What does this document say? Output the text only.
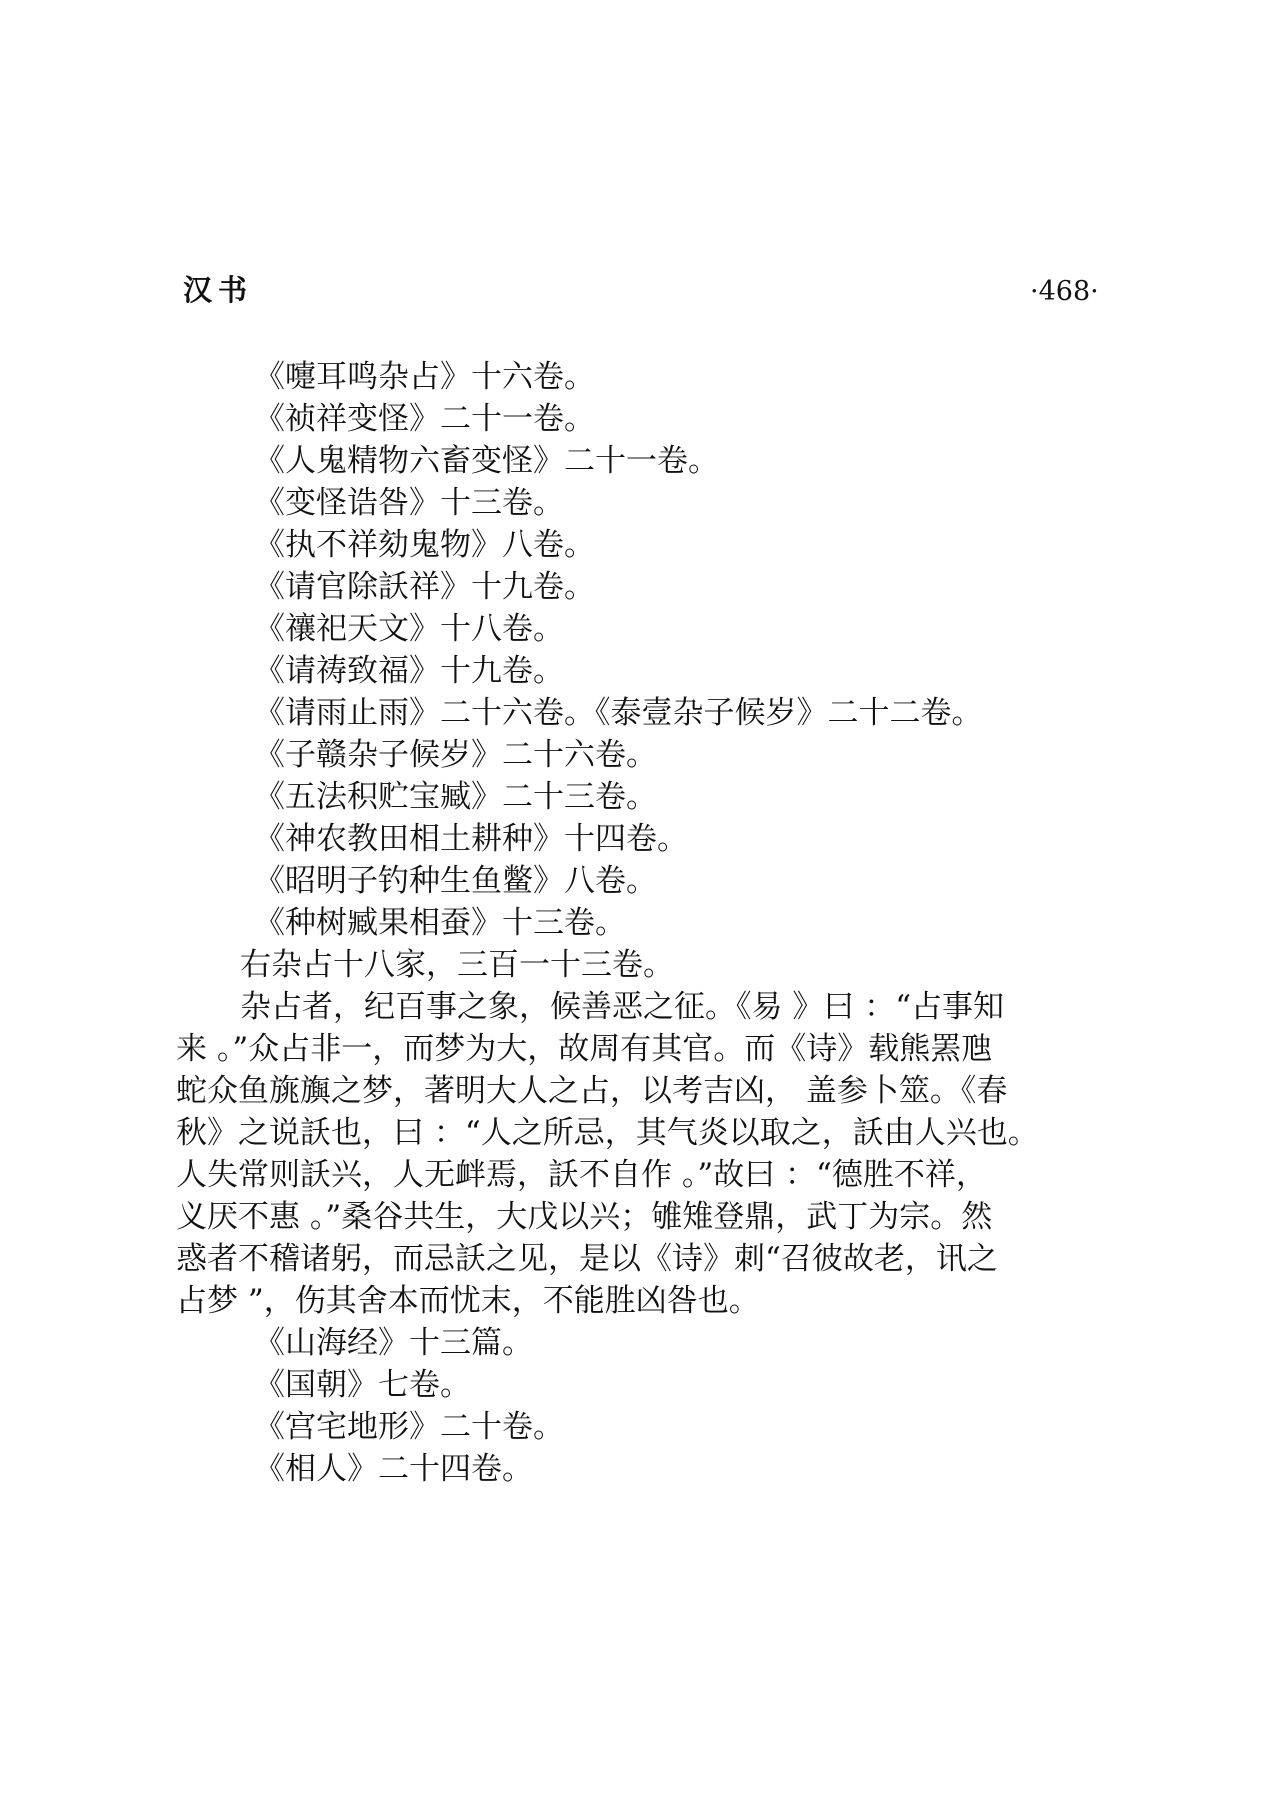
汉书	·468·
《嚏耳鸣杂占》十六卷。
《祯祥变怪》二十一卷。
《人鬼精物六畜变怪》二十一卷。
《变怪诰咎》十三卷。
《执不祥劾鬼物》八卷。
《请官除訞祥》十九卷。
《禳祀天文》十八卷。
《请祷致福》十九卷。
《请雨止雨》二十六卷。《泰壹杂子候岁》二十二卷。
《子赣杂子候岁》二十六卷。
《五法积贮宝臧》二十三卷。
《神农教田相土耕种》十四卷。
《昭明子钓种生鱼鳖》八卷。
《种树臧果相蚕》十三卷。
右杂占十八家，三百一十三卷。
杂占者，纪百事之象，候善恶之征。《易 》曰 ：“占事知
来 。”众占非一，而梦为大，故周有其官。而《诗》载熊罴虺
蛇众鱼旐旟之梦，著明大人之占，以考吉凶， 盖参卜筮。《春
秋》之说訞也，曰 ：“人之所忌，其气炎以取之，訞由人兴也。
人失常则訞兴，人无衅焉，訞不自作 。”故曰 ：“德胜不祥，
义厌不惠 。”桑谷共生，大戊以兴；雊雉登鼎，武丁为宗。然
惑者不稽诸躬，而忌訞之见，是以《诗》刺“召彼故老，讯之
占梦 ”，伤其舍本而忧末，不能胜凶咎也。
《山海经》十三篇。
《国朝》七卷。
《宫宅地形》二十卷。
《相人》二十四卷。
